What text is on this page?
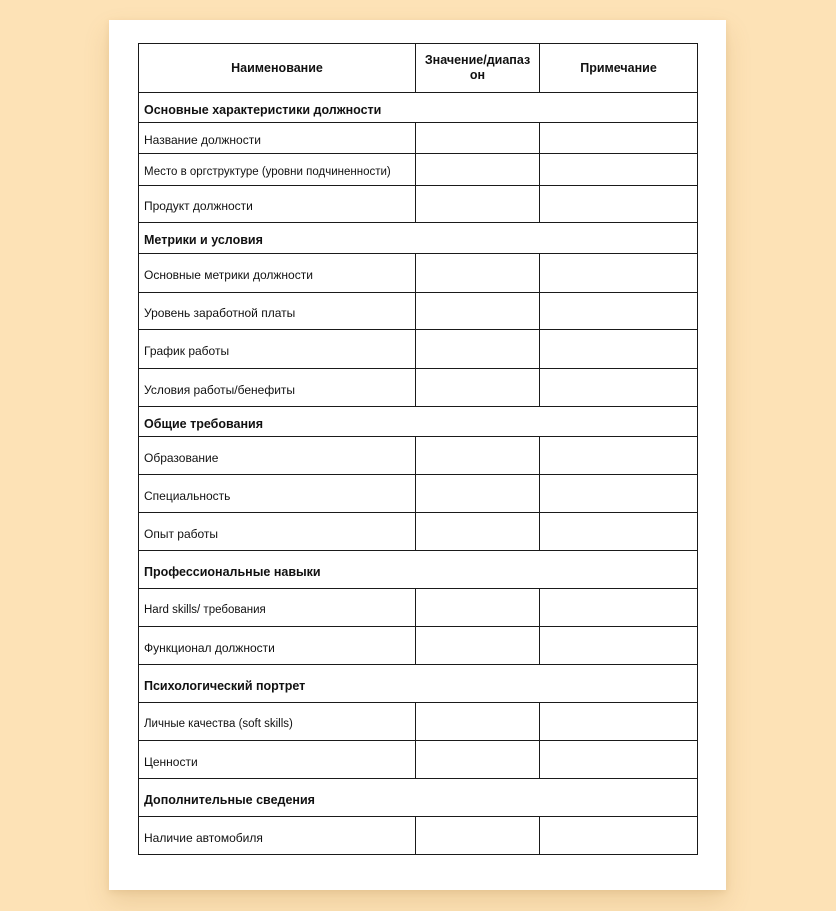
Наименование	Значение/диапазон	Примечание
Основные характеристики должности		
Название должности		
Место в оргструктуре (уровни подчиненности)		
Продукт должности		
Метрики и условия		
Основные метрики должности		
Уровень заработной платы		
График работы		
Условия работы/бенефиты		
Общие требования		
Образование		
Специальность		
Опыт работы		
Профессиональные навыки		
Hard skills/ требования		
Функционал должности		
Психологический портрет		
Личные качества (soft skills)		
Ценности		
Дополнительные сведения		
Наличие автомобиля		
